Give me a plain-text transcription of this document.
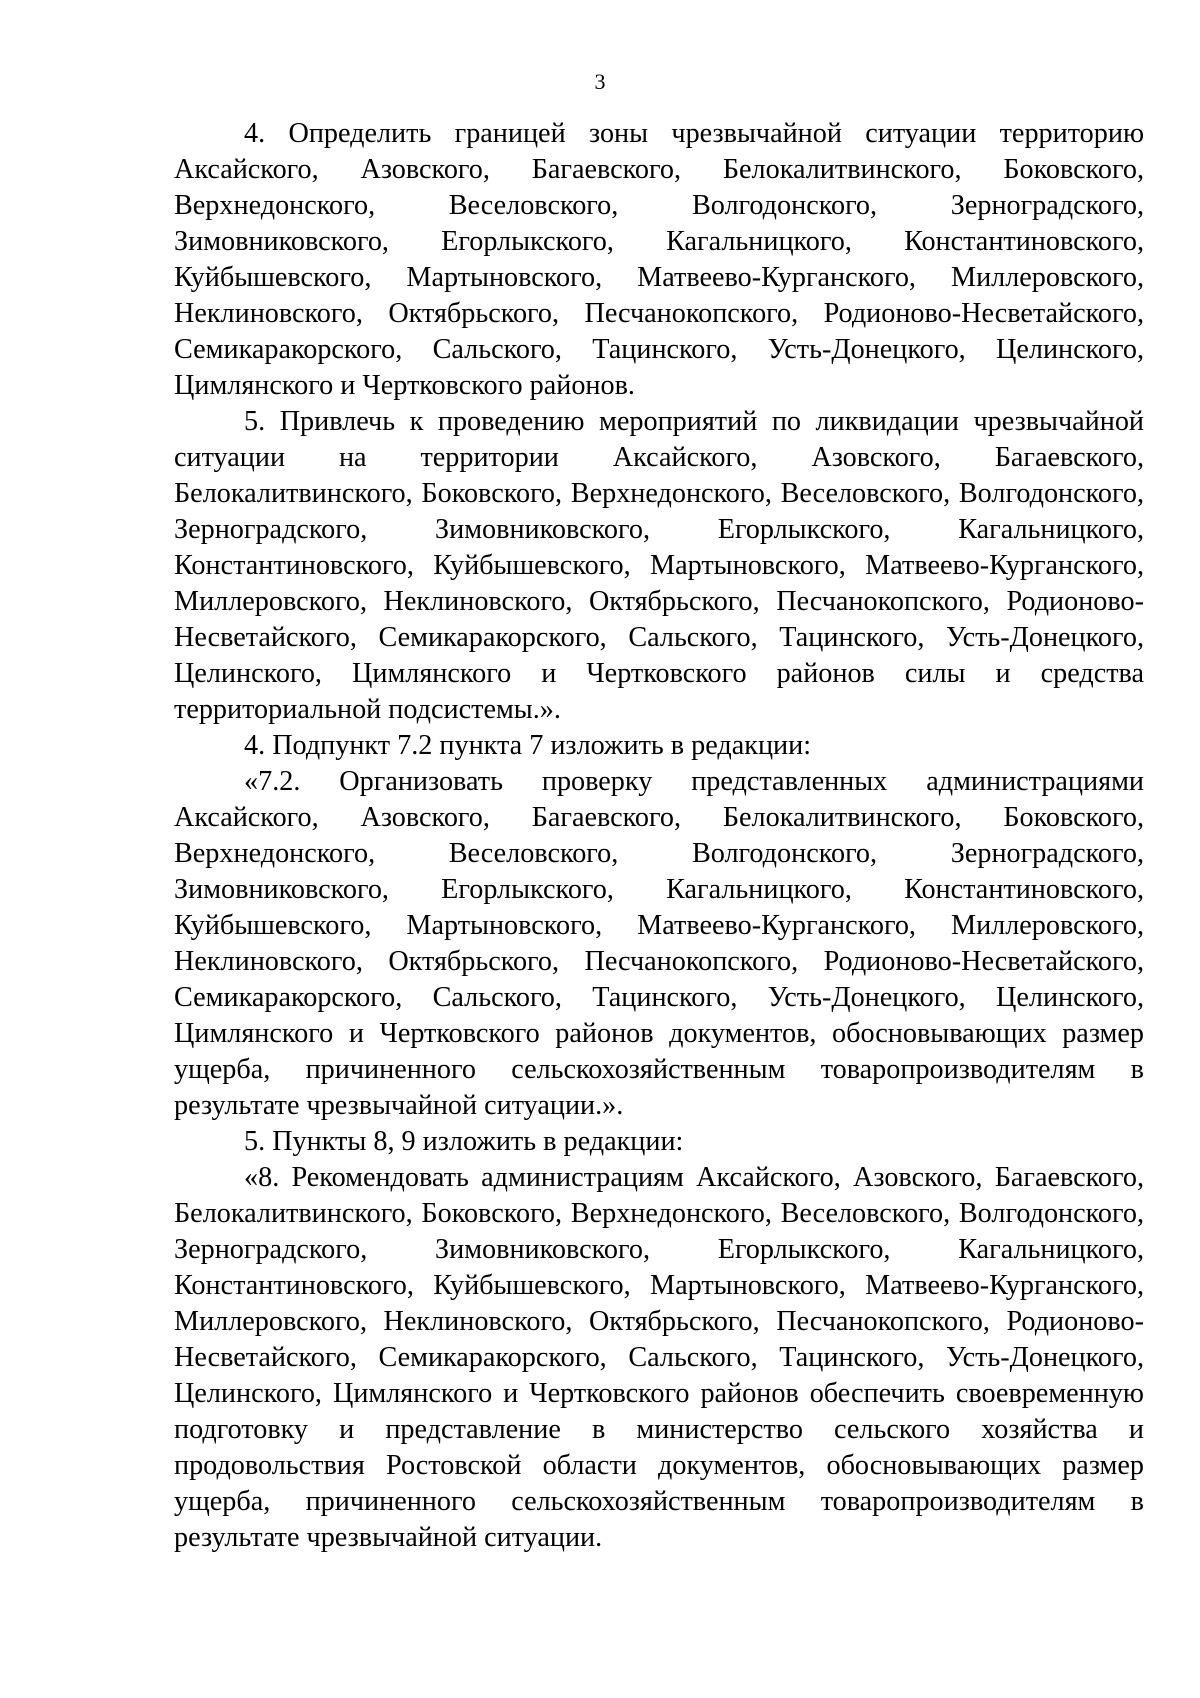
3

4. Определить границей зоны чрезвычайной ситуации территорию Аксайского, Азовского, Багаевского, Белокалитвинского, Боковского, Верхнедонского, Веселовского, Волгодонского, Зерноградского, Зимовниковского, Егорлыкского, Кагальницкого, Константиновского, Куйбышевского, Мартыновского, Матвеево-Курганского, Миллеровского, Неклиновского, Октябрьского, Песчанокопского, Родионово-Несветайского, Семикаракорского, Сальского, Тацинского, Усть-Донецкого, Целинского, Цимлянского и Чертковского районов.

5. Привлечь к проведению мероприятий по ликвидации чрезвычайной ситуации на территории Аксайского, Азовского, Багаевского, Белокалитвинского, Боковского, Верхнедонского, Веселовского, Волгодонского, Зерноградского, Зимовниковского, Егорлыкского, Кагальницкого, Константиновского, Куйбышевского, Мартыновского, Матвеево-Курганского, Миллеровского, Неклиновского, Октябрьского, Песчанокопского, Родионово-Несветайского, Семикаракорского, Сальского, Тацинского, Усть-Донецкого, Целинского, Цимлянского и Чертковского районов силы и средства территориальной подсистемы.».

4. Подпункт 7.2 пункта 7 изложить в редакции:

«7.2. Организовать проверку представленных администрациями Аксайского, Азовского, Багаевского, Белокалитвинского, Боковского, Верхнедонского, Веселовского, Волгодонского, Зерноградского, Зимовниковского, Егорлыкского, Кагальницкого, Константиновского, Куйбышевского, Мартыновского, Матвеево-Курганского, Миллеровского, Неклиновского, Октябрьского, Песчанокопского, Родионово-Несветайского, Семикаракорского, Сальского, Тацинского, Усть-Донецкого, Целинского, Цимлянского и Чертковского районов документов, обосновывающих размер ущерба, причиненного сельскохозяйственным товаропроизводителям в результате чрезвычайной ситуации.».

5. Пункты 8, 9 изложить в редакции:

«8. Рекомендовать администрациям Аксайского, Азовского, Багаевского, Белокалитвинского, Боковского, Верхнедонского, Веселовского, Волгодонского, Зерноградского, Зимовниковского, Егорлыкского, Кагальницкого, Константиновского, Куйбышевского, Мартыновского, Матвеево-Курганского, Миллеровского, Неклиновского, Октябрьского, Песчанокопского, Родионово-Несветайского, Семикаракорского, Сальского, Тацинского, Усть-Донецкого, Целинского, Цимлянского и Чертковского районов обеспечить своевременную подготовку и представление в министерство сельского хозяйства и продовольствия Ростовской области документов, обосновывающих размер ущерба, причиненного сельскохозяйственным товаропроизводителям в результате чрезвычайной ситуации.
